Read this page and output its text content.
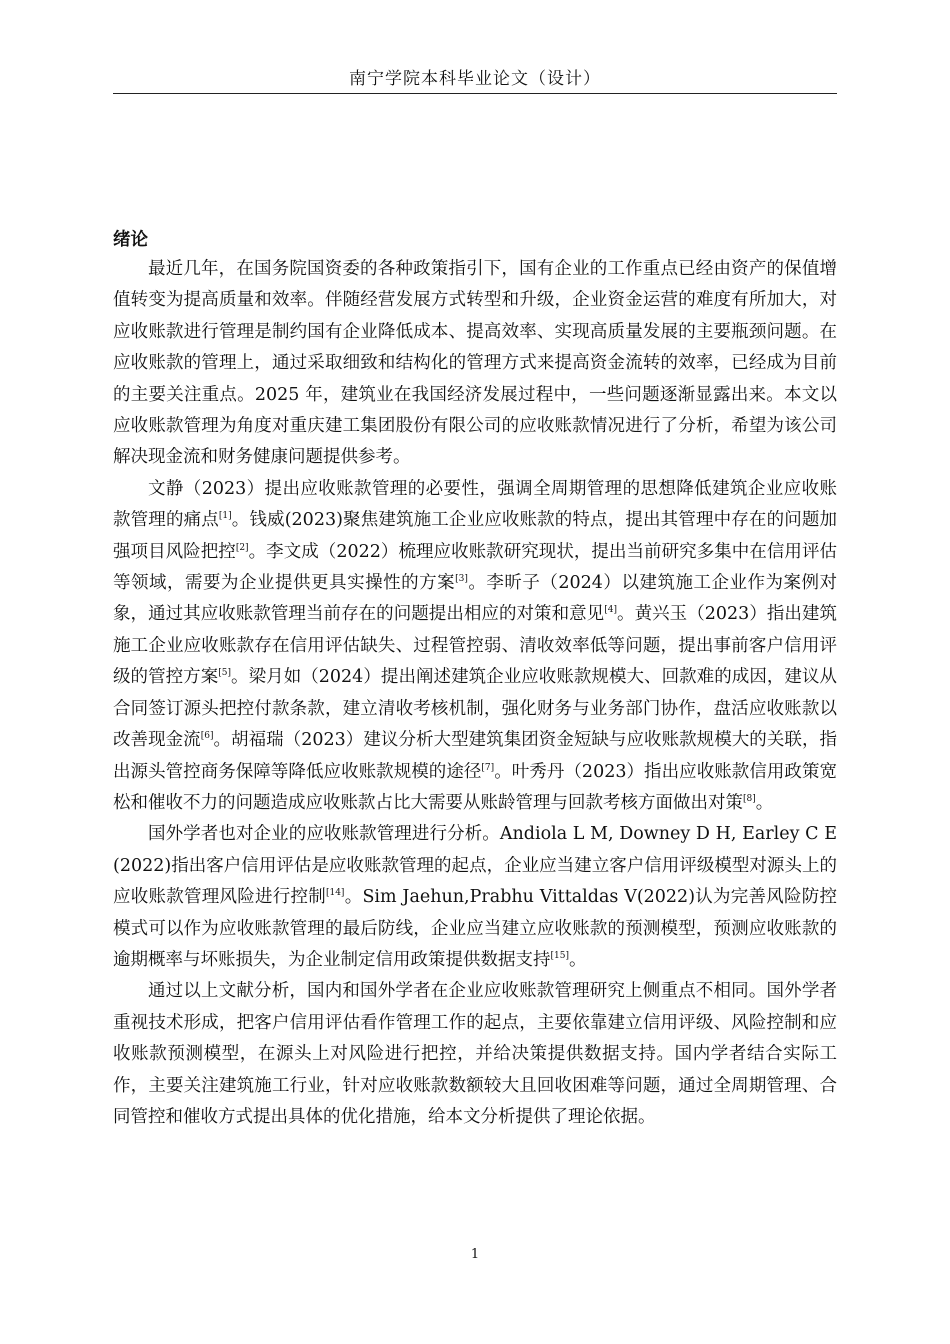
南宁学院本科毕业论文（设计）
绪论

最近几年，在国务院国资委的各种政策指引下，国有企业的工作重点已经由资产的保值增值转变为提高质量和效率。伴随经营发展方式转型和升级，企业资金运营的难度有所加大，对应收账款进行管理是制约国有企业降低成本、提高效率、实现高质量发展的主要瓶颈问题。在应收账款的管理上，通过采取细致和结构化的管理方式来提高资金流转的效率，已经成为目前的主要关注重点。2025 年，建筑业在我国经济发展过程中，一些问题逐渐显露出来。本文以应收账款管理为角度对重庆建工集团股份有限公司的应收账款情况进行了分析，希望为该公司解决现金流和财务健康问题提供参考。

文静（2023）提出应收账款管理的必要性，强调全周期管理的思想降低建筑企业应收账款管理的痛点[1]。钱威(2023)聚焦建筑施工企业应收账款的特点，提出其管理中存在的问题加强项目风险把控[2]。李文成（2022）梳理应收账款研究现状，提出当前研究多集中在信用评估等领域，需要为企业提供更具实操性的方案[3]。李昕子（2024）以建筑施工企业作为案例对象，通过其应收账款管理当前存在的问题提出相应的对策和意见[4]。黄兴玉（2023）指出建筑施工企业应收账款存在信用评估缺失、过程管控弱、清收效率低等问题，提出事前客户信用评级的管控方案[5]。梁月如（2024）提出阐述建筑企业应收账款规模大、回款难的成因，建议从合同签订源头把控付款条款，建立清收考核机制，强化财务与业务部门协作，盘活应收账款以改善现金流[6]。胡福瑞（2023）建议分析大型建筑集团资金短缺与应收账款规模大的关联，指出源头管控商务保障等降低应收账款规模的途径[7]。叶秀丹（2023）指出应收账款信用政策宽松和催收不力的问题造成应收账款占比大需要从账龄管理与回款考核方面做出对策[8]。

国外学者也对企业的应收账款管理进行分析。Andiola L M, Downey D H, Earley C E(2022)指出客户信用评估是应收账款管理的起点，企业应当建立客户信用评级模型对源头上的应收账款管理风险进行控制[14]。Sim Jaehun,Prabhu Vittaldas V(2022)认为完善风险防控模式可以作为应收账款管理的最后防线，企业应当建立应收账款的预测模型，预测应收账款的逾期概率与坏账损失，为企业制定信用政策提供数据支持[15]。

通过以上文献分析，国内和国外学者在企业应收账款管理研究上侧重点不相同。国外学者重视技术形成，把客户信用评估看作管理工作的起点，主要依靠建立信用评级、风险控制和应收账款预测模型，在源头上对风险进行把控，并给决策提供数据支持。国内学者结合实际工作，主要关注建筑施工行业，针对应收账款数额较大且回收困难等问题，通过全周期管理、合同管控和催收方式提出具体的优化措施，给本文分析提供了理论依据。

1
